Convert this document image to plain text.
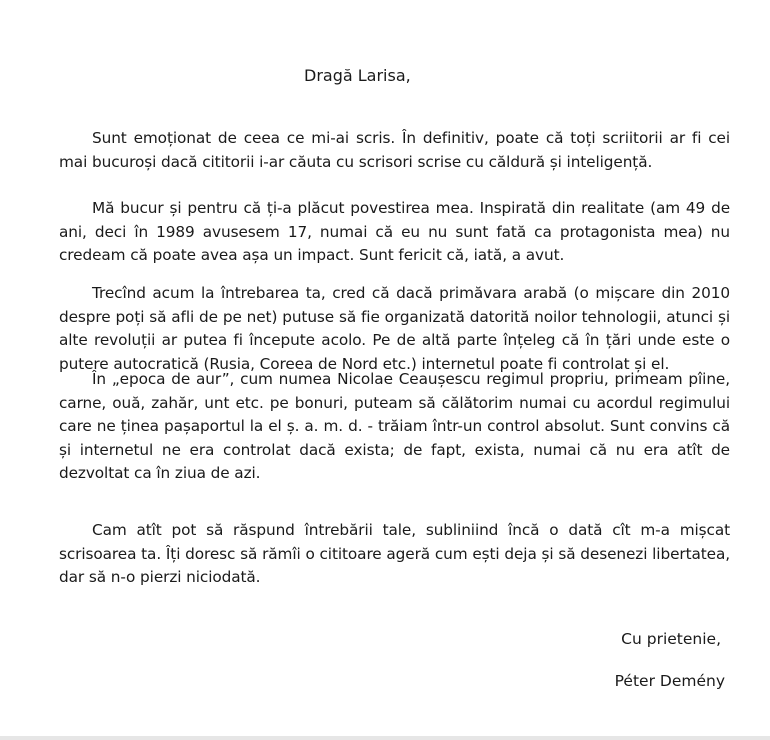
Dragă Larisa,

Sunt emoționat de ceea ce mi-ai scris. În definitiv, poate că toți scriitorii ar fi cei mai bucuroși dacă cititorii i-ar căuta cu scrisori scrise cu căldură și inteligență.

Mă bucur și pentru că ți-a plăcut povestirea mea. Inspirată din realitate (am 49 de ani, deci în 1989 avusesem 17, numai că eu nu sunt fată ca protagonista mea) nu credeam că poate avea așa un impact. Sunt fericit că, iată, a avut.

Trecînd acum la întrebarea ta, cred că dacă primăvara arabă (o mișcare din 2010 despre poți să afli de pe net) putuse să fie organizată datorită noilor tehnologii, atunci și alte revoluții ar putea fi începute acolo. Pe de altă parte înțeleg că în țări unde este o putere autocratică (Rusia, Coreea de Nord etc.) internetul poate fi controlat și el.

În „epoca de aur”, cum numea Nicolae Ceaușescu regimul propriu, primeam pîine, carne, ouă, zahăr, unt etc. pe bonuri, puteam să călătorim numai cu acordul regimului care ne ținea pașaportul la el ș. a. m. d. - trăiam într-un control absolut. Sunt convins că și internetul ne era controlat dacă exista; de fapt, exista, numai că nu era atît de dezvoltat ca în ziua de azi.

Cam atît pot să răspund întrebării tale, subliniind încă o dată cît m-a mișcat scrisoarea ta. Îți doresc să rămîi o cititoare ageră cum ești deja și să desenezi libertatea, dar să n-o pierzi niciodată.

Cu prietenie,
Péter Demény
